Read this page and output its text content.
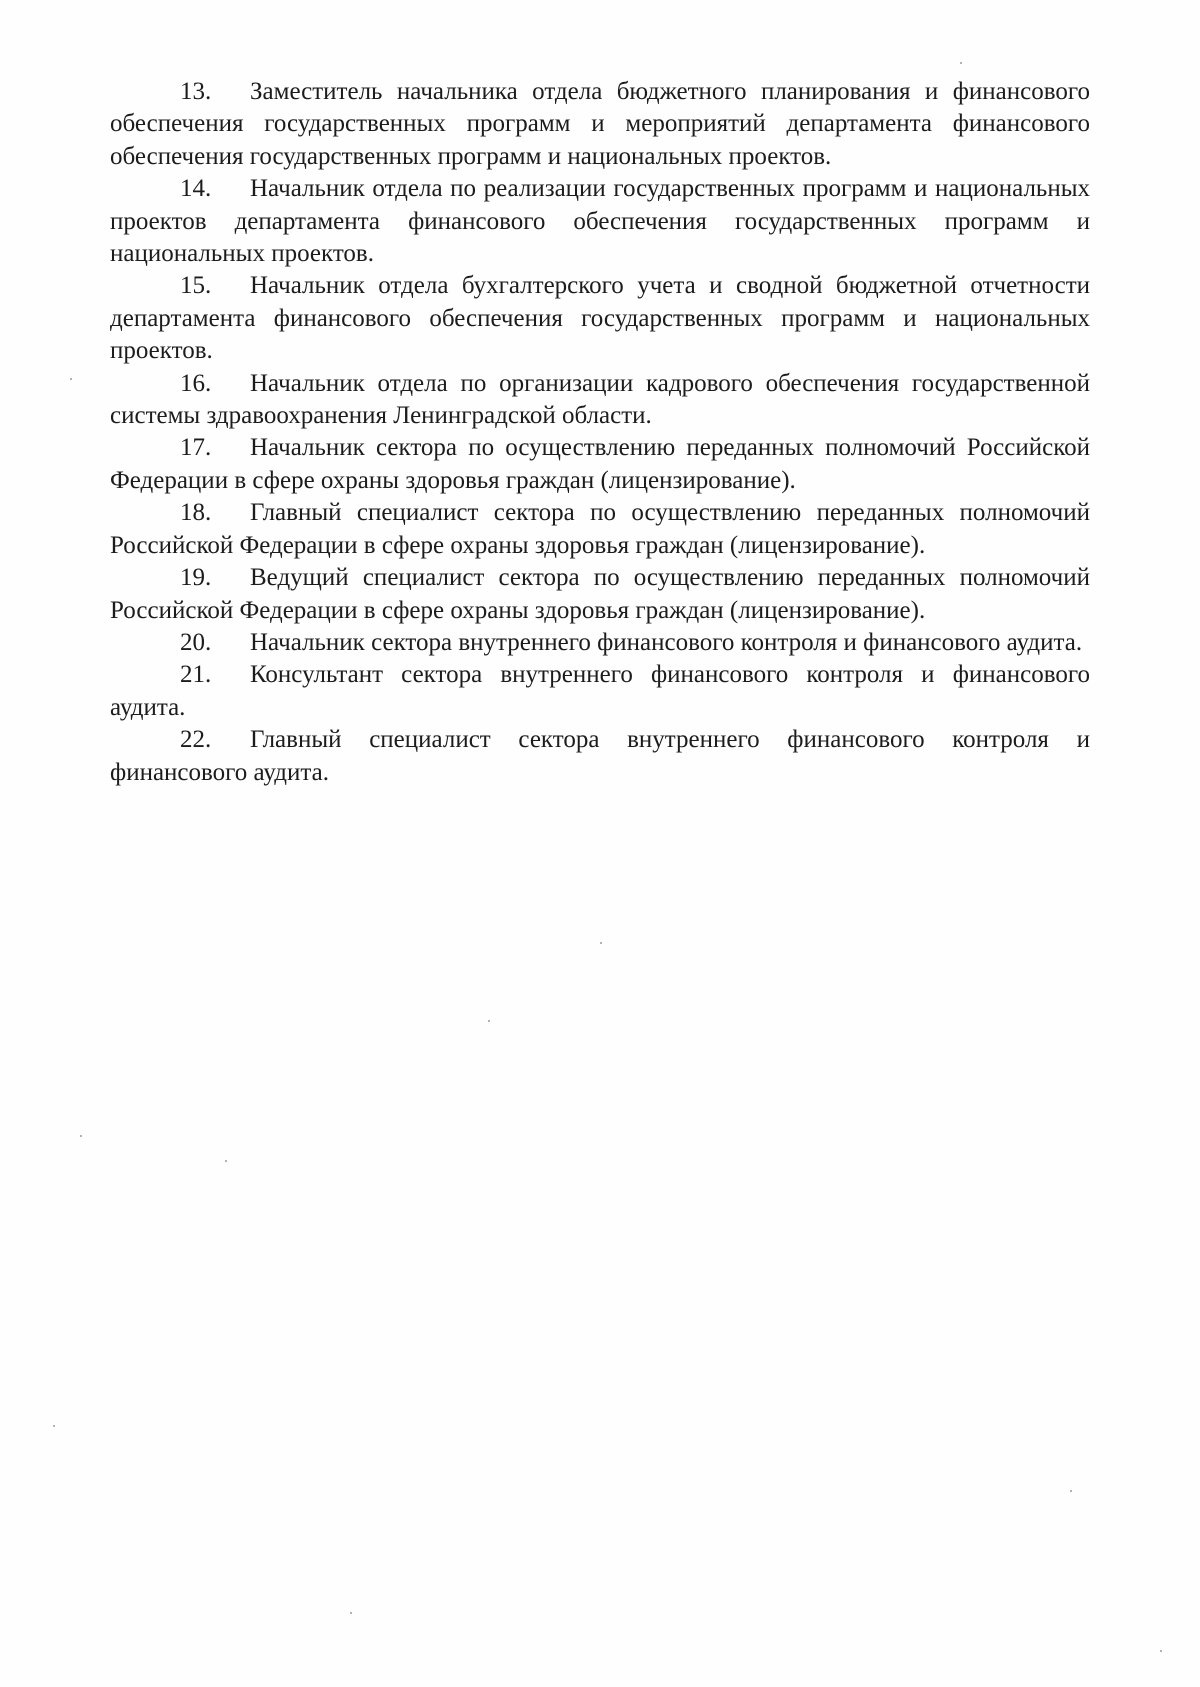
13. Заместитель начальника отдела бюджетного планирования и финансового обеспечения государственных программ и мероприятий департамента финансового обеспечения государственных программ и национальных проектов.

14. Начальник отдела по реализации государственных программ и национальных проектов департамента финансового обеспечения государственных программ и национальных проектов.

15. Начальник отдела бухгалтерского учета и сводной бюджетной отчетности департамента финансового обеспечения государственных программ и национальных проектов.

16. Начальник отдела по организации кадрового обеспечения государственной системы здравоохранения Ленинградской области.

17. Начальник сектора по осуществлению переданных полномочий Российской Федерации в сфере охраны здоровья граждан (лицензирование).

18. Главный специалист сектора по осуществлению переданных полномочий Российской Федерации в сфере охраны здоровья граждан (лицензирование).

19. Ведущий специалист сектора по осуществлению переданных полномочий Российской Федерации в сфере охраны здоровья граждан (лицензирование).

20. Начальник сектора внутреннего финансового контроля и финансового аудита.

21. Консультант сектора внутреннего финансового контроля и финансового аудита.

22. Главный специалист сектора внутреннего финансового контроля и финансового аудита.
